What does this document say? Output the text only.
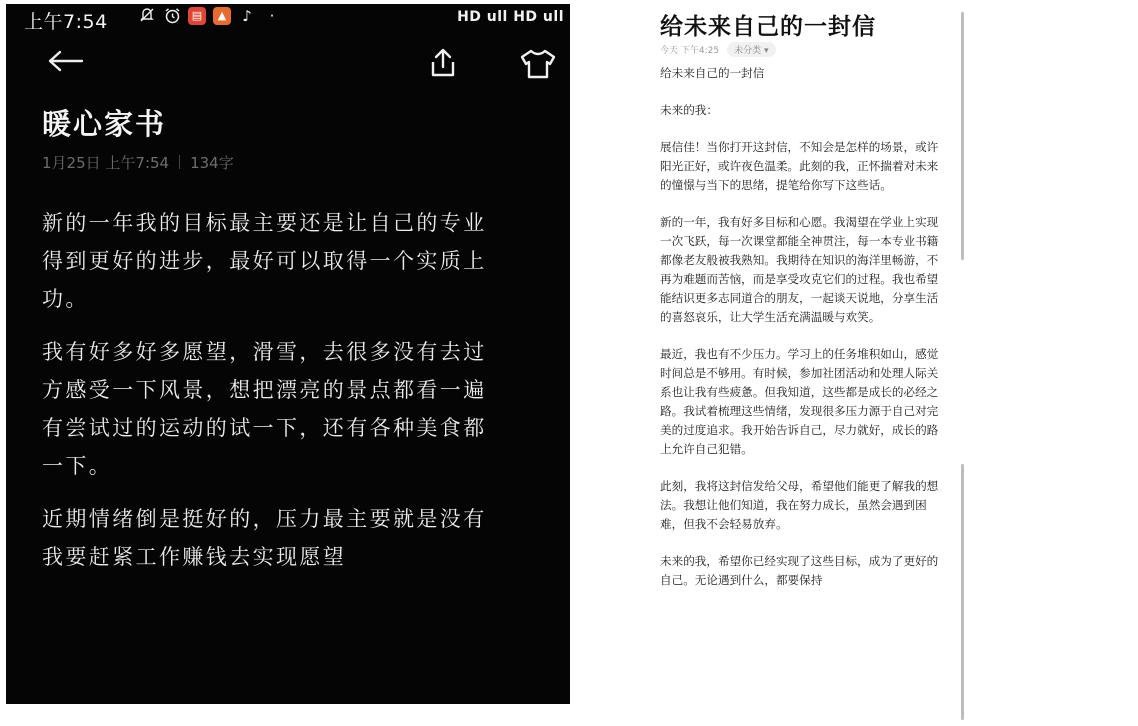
上午7:54	▤	▲	♪	·	HD ull HD ull
暖心家书
1月25日 上午7:54 134字

新的一年我的目标最主要还是让自己的专业
得到更好的进步，最好可以取得一个实质上
功。

我有好多好多愿望，滑雪，去很多没有去过
方感受一下风景，想把漂亮的景点都看一遍
有尝试过的运动的试一下，还有各种美食都
一下。

近期情绪倒是挺好的，压力最主要就是没有
我要赶紧工作赚钱去实现愿望

给未来自己的一封信
今天 下午4:25	未分类 ▾

给未来自己的一封信

未来的我：

展信佳！当你打开这封信，不知会是怎样的场景，或许阳光正好，或许夜色温柔。此刻的我，正怀揣着对未来的憧憬与当下的思绪，提笔给你写下这些话。

新的一年，我有好多目标和心愿。我渴望在学业上实现一次飞跃，每一次课堂都能全神贯注，每一本专业书籍都像老友般被我熟知。我期待在知识的海洋里畅游，不再为难题而苦恼，而是享受攻克它们的过程。我也希望能结识更多志同道合的朋友，一起谈天说地，分享生活的喜怒哀乐，让大学生活充满温暖与欢笑。

最近，我也有不少压力。学习上的任务堆积如山，感觉时间总是不够用。有时候，参加社团活动和处理人际关系也让我有些疲惫。但我知道，这些都是成长的必经之路。我试着梳理这些情绪，发现很多压力源于自己对完美的过度追求。我开始告诉自己，尽力就好，成长的路上允许自己犯错。

此刻，我将这封信发给父母，希望他们能更了解我的想法。我想让他们知道，我在努力成长，虽然会遇到困难，但我不会轻易放弃。

未来的我，希望你已经实现了这些目标，成为了更好的自己。无论遇到什么，都要保持
